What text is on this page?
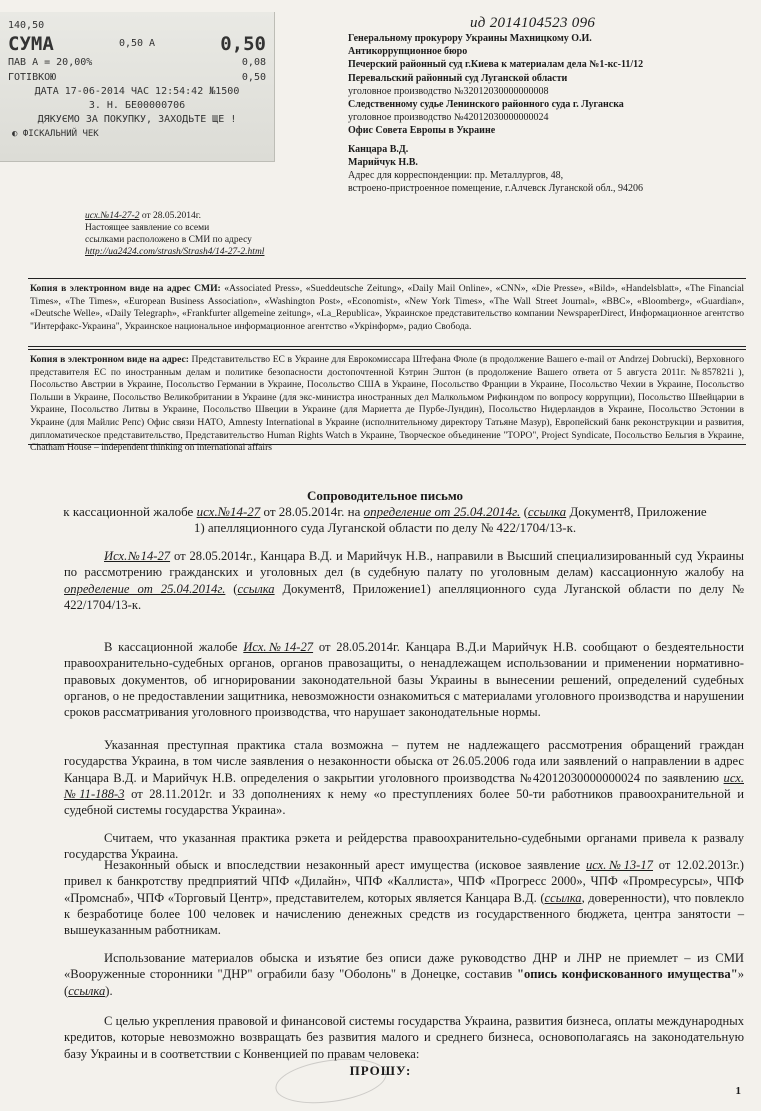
140,50
СУМА	0,50 А	0,50
ПАВ А = 20,00%	0,08
ГОТІВКОЮ	0,50
ДАТА 17-06-2014 ЧАС 12:54:42 №1500
З. Н. БЕ00000706
ДЯКУЄМО ЗА ПОКУПКУ, ЗАХОДЬТЕ ЩЕ !
◐ ФІСКАЛЬНИЙ ЧЕК
ид 2014104523 096
Генеральному прокурору Украины Махницкому О.И.
Антикоррупционное бюро
Печерский районный суд г.Киева к материалам дела №1-кс-11/12
Перевальский районный суд Луганской области
уголовное производство №32012030000000008
Следственному судье Ленинского районного суда г. Луганска
уголовное производство №42012030000000024
Офис Совета Европы в Украине
Канцара В.Д.
Марийчук Н.В.
Адрес для корреспонденции: пр. Металлургов, 48,
встроено-пристроенное помещение, г.Алчевск Луганской обл., 94206
исх.№14-27-2 от 28.05.2014г.
Настоящее заявление со всеми
ссылками расположено в СМИ по адресу
http://ua2424.com/strash/Strash4/14-27-2.html
Копия в электронном виде на адрес СМИ: «Associated Press», «Sueddeutsche Zeitung», «Daily Mail Online», «CNN», «Die Presse», «Bild», «Handelsblatt», «The Financial Times», «The Times», «European Business Association», «Washington Post», «Economist», «New York Times», «The Wall Street Journal», «BBC», «Bloomberg», «Guardian», «Deutsche Welle», «Daily Telegraph», «Frankfurter allgemeine zeitung», «La_Republica», Украинское представительство компании NewspaperDirect, Информационное агентство "Интерфакс-Украина", Украинское национальное информационное агентство «Укрінформ», радио Свобода.
Копия в электронном виде на адрес: Представительство ЕС в Украине для Еврокомиссара Штефана Фюле (в продолжение Вашего e-mail от Andrzej Dobrucki), Верховного представителя ЕС по иностранным делам и политике безопасности достопочтенной Кэтрин Эштон (в продолжение Вашего ответа от 5 августа 2011г. №857821i ), Посольство Австрии в Украине, Посольство Германии в Украине, Посольство США в Украине, Посольство Франции в Украине, Посольство Чехии в Украине, Посольство Польши в Украине, Посольство Великобритании в Украине (для экс-министра иностранных дел Малкольмом Рифкиндом по вопросу коррупции), Посольство Швейцарии в Украине, Посольство Литвы в Украине, Посольство Швеции в Украине (для Мариетта де Пурбе-Лундин), Посольство Нидерландов в Украине, Посольство Эстонии в Украине (для Майлис Репс) Офис связи НАТО, Amnesty International в Украине (исполнительному директору Татьяне Мазур), Европейский банк реконструкции и развития, дипломатическое представительство, Представительство Human Rights Watch в Украине, Творческое объединение "ТОРО", Project Syndicate, Посольство Бельгия в Украине, Chatham House – independent thinking on international affairs
Сопроводительное письмо
к кассационной жалобе исх.№14-27 от 28.05.2014г. на определение от 25.04.2014г. (ссылка Документ8, Приложение 1) апелляционного суда Луганской области по делу № 422/1704/13-к.

Исх.№14-27 от 28.05.2014г., Канцара В.Д. и Марийчук Н.В., направили в Высший специализированный суд Украины по рассмотрению гражданских и уголовных дел (в судебную палату по уголовным делам) кассационную жалобу на определение от 25.04.2014г. (ссылка Документ8, Приложение1) апелляционного суда Луганской области по делу № 422/1704/13-к.

В кассационной жалобе Исх.№14-27 от 28.05.2014г. Канцара В.Д.и Марийчук Н.В. сообщают о бездеятельности правоохранительно-судебных органов, органов правозащиты, о ненадлежащем использовании и применении нормативно-правовых документов, об игнорировании законодательной базы Украины в вынесении решений, определений судебных органов, о не предоставлении защитника, невозможности ознакомиться с материалами уголовного производства и нарушении сроков рассматривания уголовного производства, что нарушает законодательные нормы.

Указанная преступная практика стала возможна – путем не надлежащего рассмотрения обращений граждан государства Украина, в том числе заявления о незаконности обыска от 26.05.2006 года или заявлений о направлении в адрес Канцара В.Д. и Марийчук Н.В. определения о закрытии уголовного производства №42012030000000024 по заявлению исх.№11-188-3 от 28.11.2012г. и 33 дополнениях к нему «о преступлениях более 50-ти работников правоохранительной и судебной системы государства Украина».

Считаем, что указанная практика рэкета и рейдерства правоохранительно-судебными органами привела к развалу государства Украина.

Незаконный обыск и впоследствии незаконный арест имущества (исковое заявление исх.№13-17 от 12.02.2013г.) привел к банкротству предприятий ЧПФ «Дилайн», ЧПФ «Каллиста», ЧПФ «Прогресс 2000», ЧПФ «Промресурсы», ЧПФ «Промснаб», ЧПФ «Торговый Центр», представителем, которых является Канцара В.Д. (ссылка, доверенности), что повлекло к безработице более 100 человек и начислению денежных средств из государственного бюджета, центра занятости – вышеуказанным работникам.

Использование материалов обыска и изъятие без описи даже руководство ДНР и ЛНР не приемлет – из СМИ «Вооруженные сторонники "ДНР" ограбили базу "Оболонь" в Донецке, составив "опись конфискованного имущества"» (ссылка).

С целью укрепления правовой и финансовой системы государства Украина, развития бизнеса, оплаты международных кредитов, которые невозможно возвращать без развития малого и среднего бизнеса, основополагаясь на законодательную базу Украины и в соответствии с Конвенцией по правам человека:

ПРОШУ:
1
